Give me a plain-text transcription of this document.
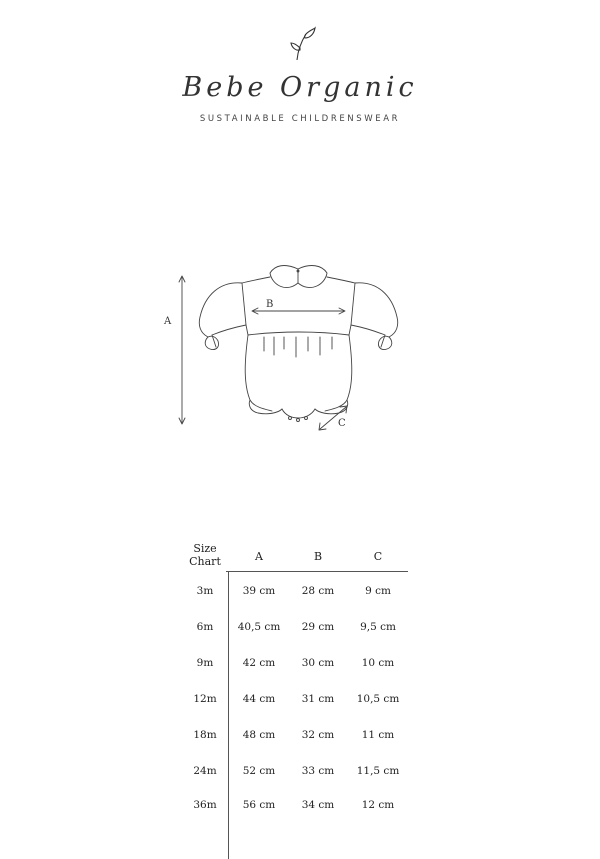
Bebe Organic
SUSTAINABLE CHILDRENSWEAR
A
B
C
Size
Chart	A	B	C
3m	39 cm	28 cm	9 cm
6m	40,5 cm	29 cm	9,5 cm
9m	42 cm	30 cm	10 cm
12m	44 cm	31 cm	10,5 cm
18m	48 cm	32 cm	11 cm
24m	52 cm	33 cm	11,5 cm
36m	56 cm	34 cm	12 cm
